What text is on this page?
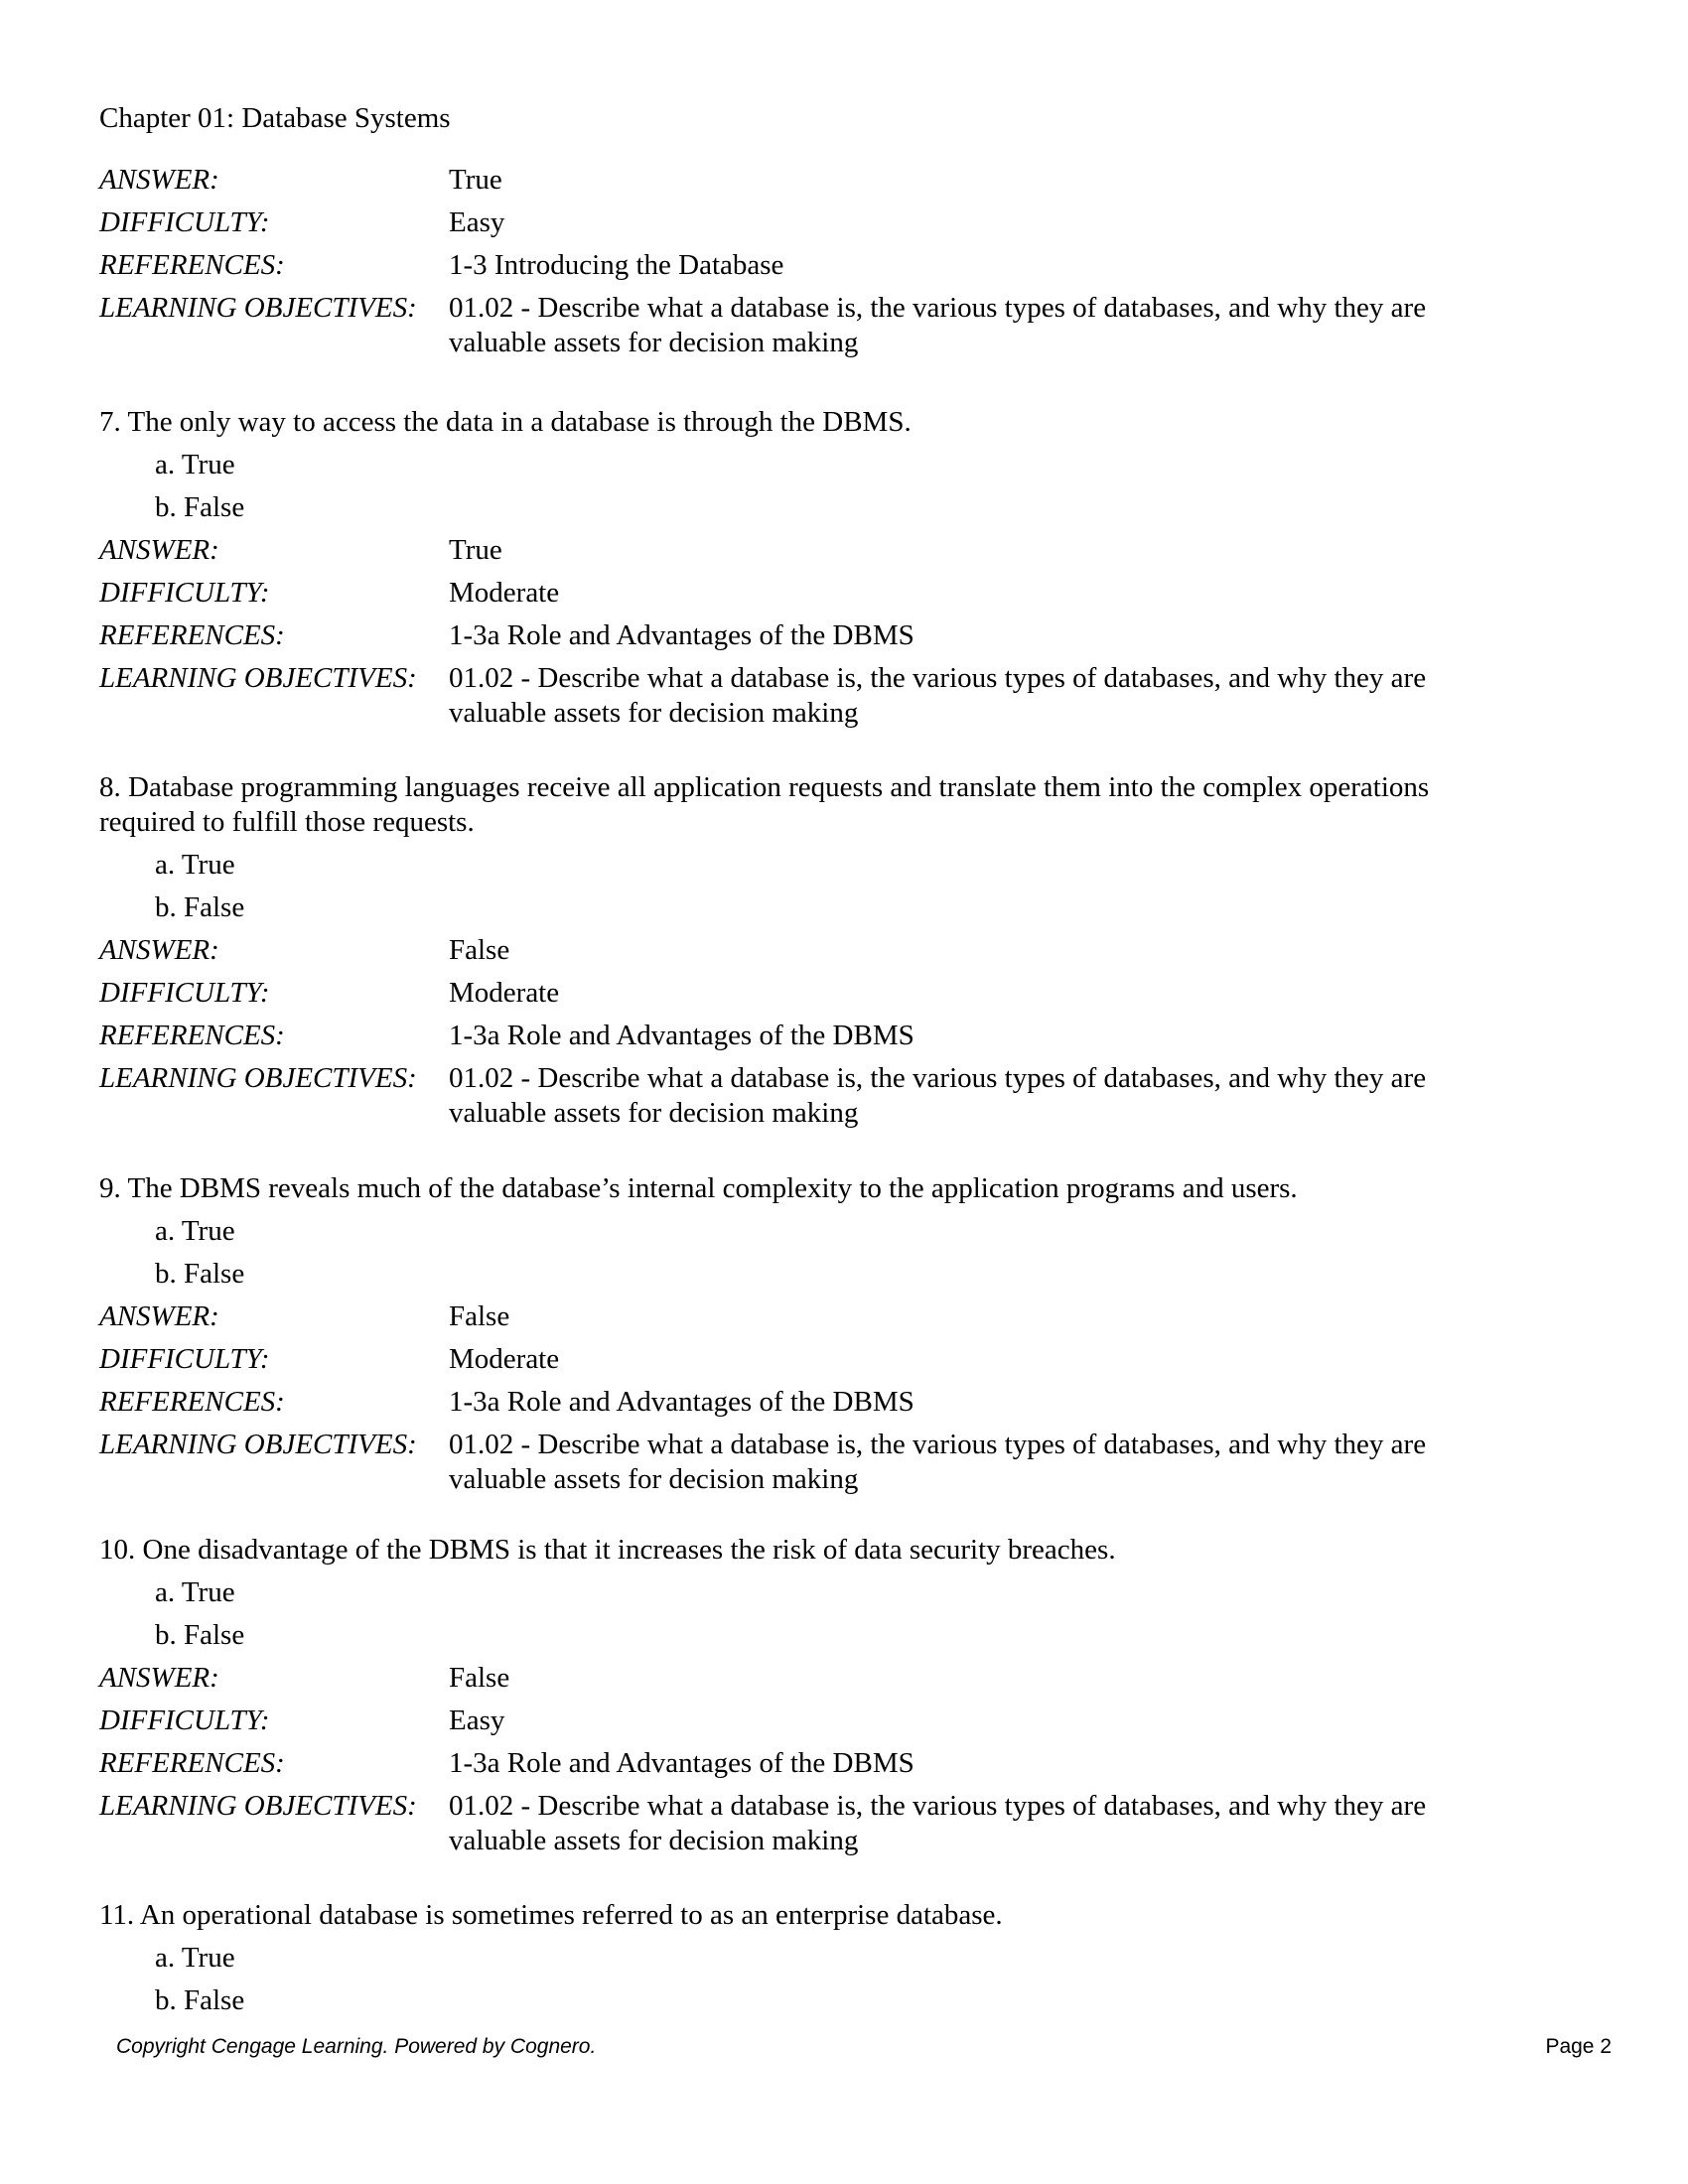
Chapter 01: Database Systems
ANSWER:	True
DIFFICULTY:	Easy
REFERENCES:	1-3 Introducing the Database
LEARNING OBJECTIVES:	01.02 - Describe what a database is, the various types of databases, and why they are valuable assets for decision making
7. The only way to access the data in a database is through the DBMS.
a. True
b. False
ANSWER:	True
DIFFICULTY:	Moderate
REFERENCES:	1-3a Role and Advantages of the DBMS
LEARNING OBJECTIVES:	01.02 - Describe what a database is, the various types of databases, and why they are valuable assets for decision making
8. Database programming languages receive all application requests and translate them into the complex operations required to fulfill those requests.
a. True
b. False
ANSWER:	False
DIFFICULTY:	Moderate
REFERENCES:	1-3a Role and Advantages of the DBMS
LEARNING OBJECTIVES:	01.02 - Describe what a database is, the various types of databases, and why they are valuable assets for decision making
9. The DBMS reveals much of the database’s internal complexity to the application programs and users.
a. True
b. False
ANSWER:	False
DIFFICULTY:	Moderate
REFERENCES:	1-3a Role and Advantages of the DBMS
LEARNING OBJECTIVES:	01.02 - Describe what a database is, the various types of databases, and why they are valuable assets for decision making
10. One disadvantage of the DBMS is that it increases the risk of data security breaches.
a. True
b. False
ANSWER:	False
DIFFICULTY:	Easy
REFERENCES:	1-3a Role and Advantages of the DBMS
LEARNING OBJECTIVES:	01.02 - Describe what a database is, the various types of databases, and why they are valuable assets for decision making
11. An operational database is sometimes referred to as an enterprise database.
a. True
b. False
Copyright Cengage Learning. Powered by Cognero.	Page 2
